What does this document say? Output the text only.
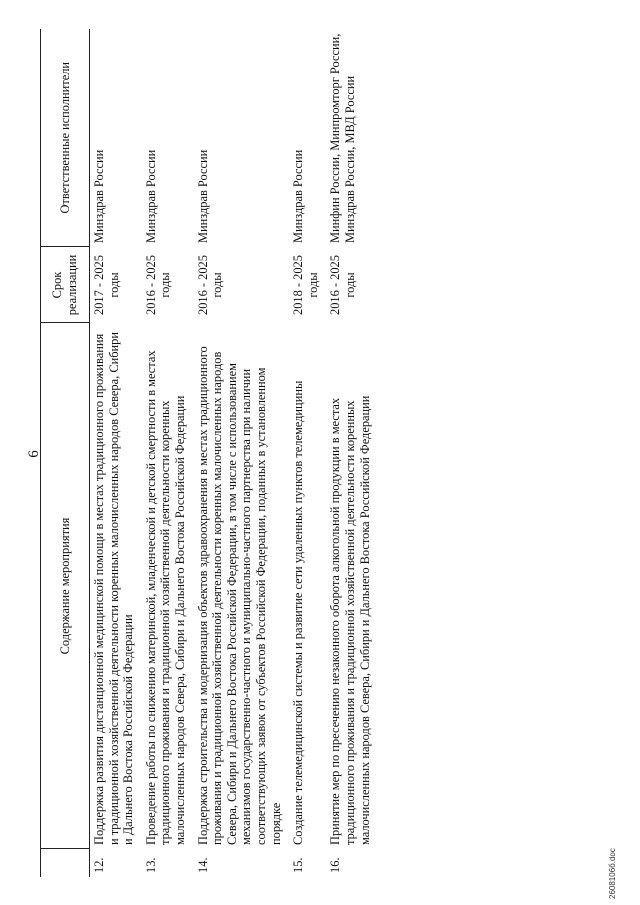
6
	Содержание мероприятия	Срок реализации	Ответственные исполнители
12.	Поддержка развития дистанционной медицинской помощи в местах традиционного проживания и традиционной хозяйственной деятельности коренных малочисленных народов Севера, Сибири и Дальнего Востока Российской Федерации	2017 - 2025 годы	Минздрав России
13.	Проведение работы по снижению материнской, младенческой и детской смертности в местах традиционного проживания и традиционной хозяйственной деятельности коренных малочисленных народов Севера, Сибири и Дальнего Востока Российской Федерации	2016 - 2025 годы	Минздрав России
14.	Поддержка строительства и модернизация объектов здравоохранения в местах традиционного проживания и традиционной хозяйственной деятельности коренных малочисленных народов Севера, Сибири и Дальнего Востока Российской Федерации, в том числе с использованием механизмов государственно-частного и муниципально-частного партнерства при наличии соответствующих заявок от субъектов Российской Федерации, поданных в установленном порядке	2016 - 2025 годы	Минздрав России
15.	Создание телемедицинской системы и развитие сети удаленных пунктов телемедицины	2018 - 2025 годы	Минздрав России
16.	Принятие мер по пресечению незаконного оборота алкогольной продукции в местах традиционного проживания и традиционной хозяйственной деятельности коренных малочисленных народов Севера, Сибири и Дальнего Востока Российской Федерации	2016 - 2025 годы	Минфин России, Минпромторг России, Минздрав России, МВД России
2608106б.doc
